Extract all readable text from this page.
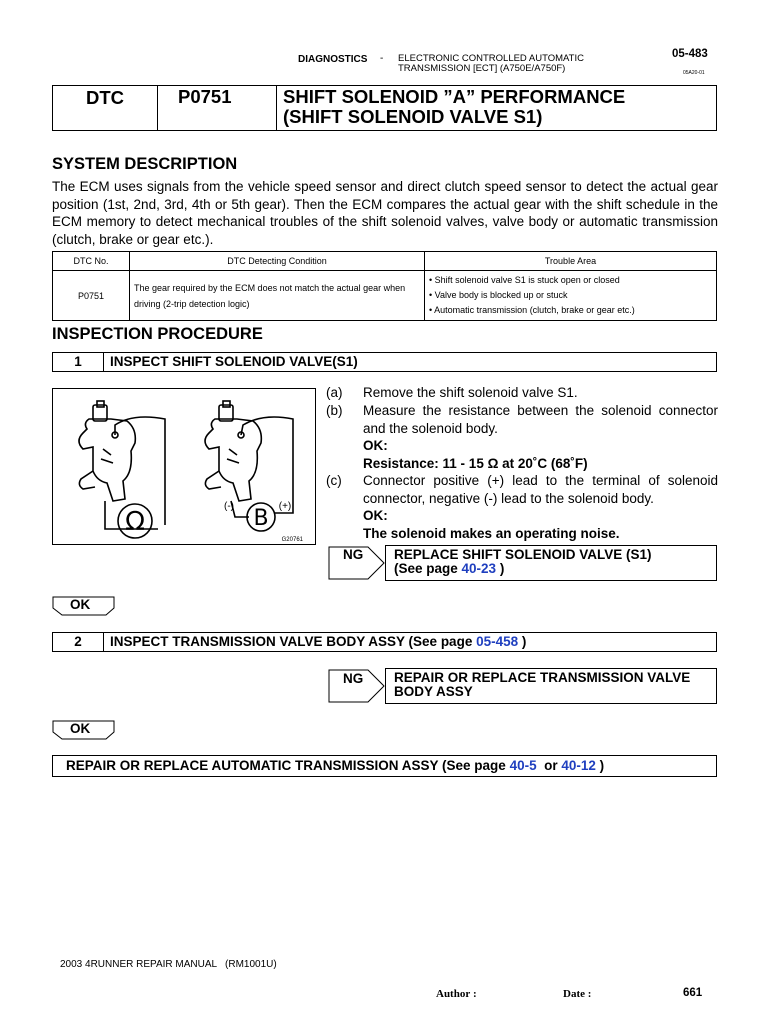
DIAGNOSTICS - ELECTRONIC CONTROLLED AUTOMATIC
TRANSMISSION [ECT] (A750E/A750F)
05-483
05A20-01
DTC	P0751	SHIFT SOLENOID ”A” PERFORMANCE
(SHIFT SOLENOID VALVE S1)
SYSTEM DESCRIPTION
The ECM uses signals from the vehicle speed sensor and direct clutch speed sensor to detect the actual gear position (1st, 2nd, 3rd, 4th or 5th gear). Then the ECM compares the actual gear with the shift schedule in the ECM memory to detect mechanical troubles of the shift solenoid valves, valve body or automatic transmission (clutch, brake or gear etc.).
DTC No.	DTC Detecting Condition	Trouble Area
P0751	The gear required by the ECM does not match the actual gear when driving (2-trip detection logic)	• Shift solenoid valve S1 is stuck open or closed
• Valve body is blocked up or stuck
• Automatic transmission (clutch, brake or gear etc.)
INSPECTION PROCEDURE
1	INSPECT SHIFT SOLENOID VALVE(S1)
Ω	B
(-)	(+)
G20761
(a) Remove the shift solenoid valve S1.
(b) Measure the resistance between the solenoid connector and the solenoid body.
OK:
Resistance: 11 - 15 Ω at 20˚C (68˚F)
(c) Connector positive (+) lead to the terminal of solenoid connector, negative (-) lead to the solenoid body.
OK:
The solenoid makes an operating noise.
NG REPLACE SHIFT SOLENOID VALVE (S1)
(See page 40-23 )
OK
2	INSPECT TRANSMISSION VALVE BODY ASSY (See page 05-458 )
NG REPAIR OR REPLACE TRANSMISSION VALVE
BODY ASSY
OK
REPAIR OR REPLACE AUTOMATIC TRANSMISSION ASSY (See page 40-5  or 40-12 )
2003 4RUNNER REPAIR MANUAL   (RM1001U)
Author :	Date :	661
